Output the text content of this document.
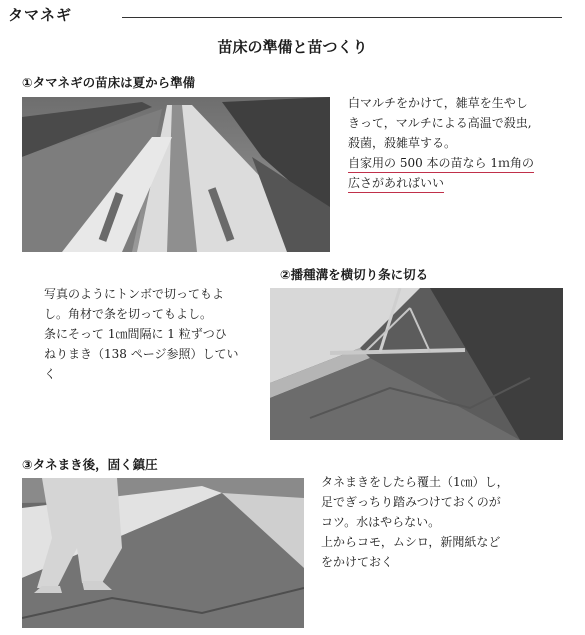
タマネギ
苗床の準備と苗つくり
①タマネギの苗床は夏から準備

白マルチをかけて，雑草を生やし

きって，マルチによる高温で殺虫,

殺菌，殺雑草する。

自家用の 500 本の苗なら 1ｍ角の

広さがあればいい

②播種溝を横切り条に切る

写真のようにトンボで切ってもよ

し。角材で条を切ってもよし。

条にそって 1㎝間隔に 1 粒ずつひ

ねりまき（138 ページ参照）してい

く

③タネまき後，固く鎮圧

タネまきをしたら覆土（1㎝）し，

足でぎっちり踏みつけておくのが

コツ。水はやらない。

上からコモ，ムシロ，新聞紙など

をかけておく
